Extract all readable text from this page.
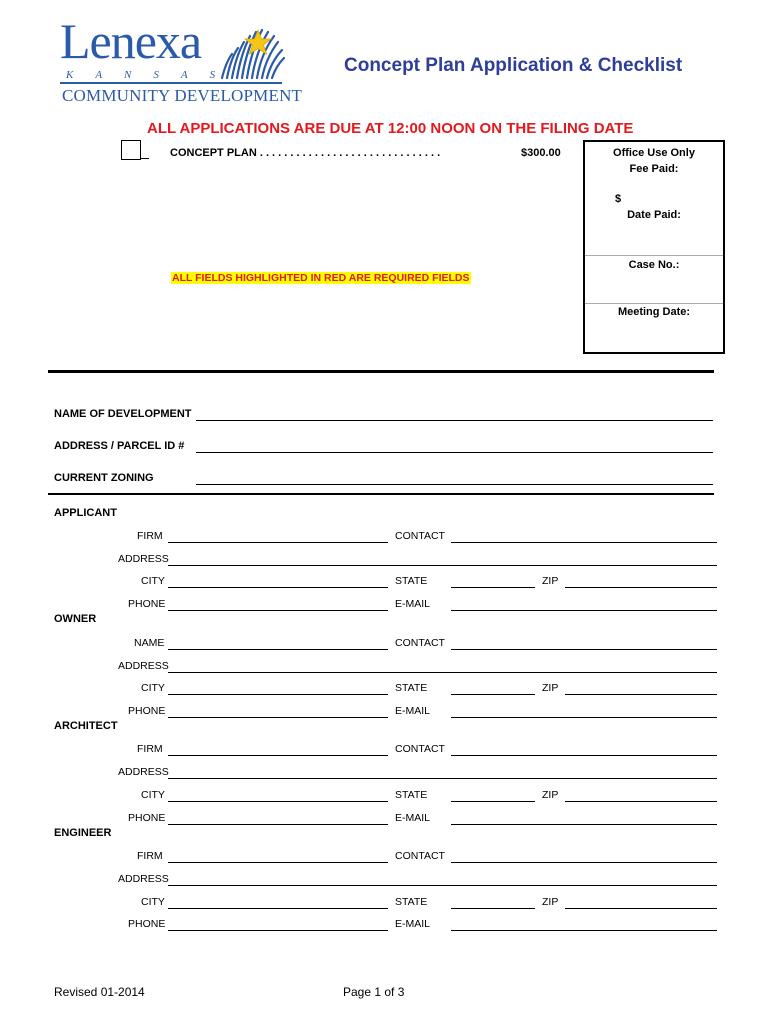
Lenexa
KANSAS
COMMUNITY DEVELOPMENT
Concept Plan Application & Checklist
ALL APPLICATIONS ARE DUE AT 12:00 NOON ON THE FILING DATE
CONCEPT PLAN . . . . . . . . . . . . . . . . . . . . . . . . . . . . . .	$300.00
ALL FIELDS HIGHLIGHTED IN RED ARE REQUIRED FIELDS
Office Use Only
Fee Paid:
$
Date Paid:
Case No.:
Meeting Date:
NAME OF DEVELOPMENT
ADDRESS / PARCEL ID #
CURRENT ZONING
APPLICANT
FIRM	CONTACT
ADDRESS
CITY	STATE	ZIP
PHONE	E-MAIL
OWNER
NAME	CONTACT
ADDRESS
CITY	STATE	ZIP
PHONE	E-MAIL
ARCHITECT
FIRM	CONTACT
ADDRESS
CITY	STATE	ZIP
PHONE	E-MAIL
ENGINEER
FIRM	CONTACT
ADDRESS
CITY	STATE	ZIP
PHONE	E-MAIL
Revised 01-2014	Page 1 of 3
